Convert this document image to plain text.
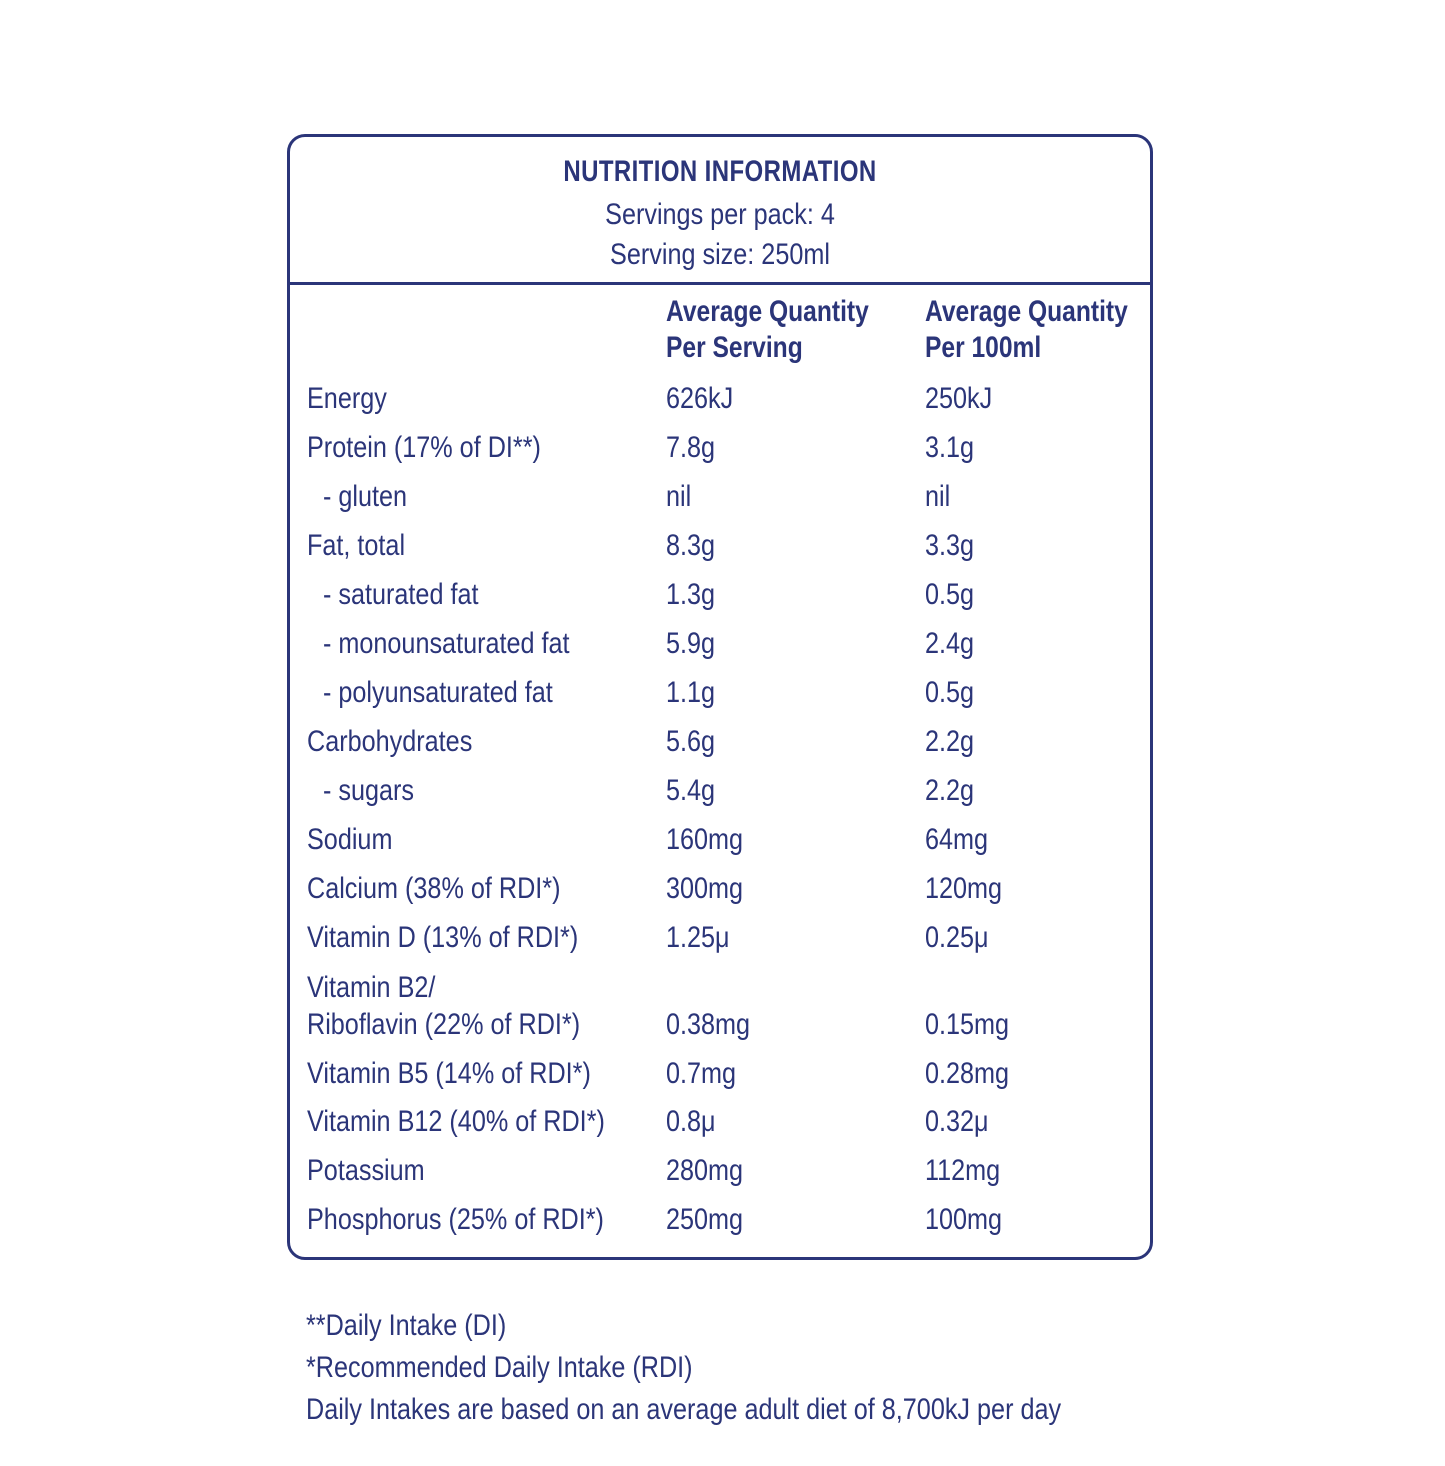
NUTRITION INFORMATION
Servings per pack: 4
Serving size: 250ml
Average Quantity
Per Serving
Average Quantity
Per 100ml
Energy	626kJ	250kJ
Protein (17% of DI**)	7.8g	3.1g
- gluten	nil	nil
Fat, total	8.3g	3.3g
- saturated fat	1.3g	0.5g
- monounsaturated fat	5.9g	2.4g
- polyunsaturated fat	1.1g	0.5g
Carbohydrates	5.6g	2.2g
- sugars	5.4g	2.2g
Sodium	160mg	64mg
Calcium (38% of RDI*)	300mg	120mg
Vitamin D (13% of RDI*)	1.25μ	0.25μ
Vitamin B2/
Riboflavin (22% of RDI*)	0.38mg	0.15mg
Vitamin B5 (14% of RDI*)	0.7mg	0.28mg
Vitamin B12 (40% of RDI*) 0.8μ	0.32μ
Potassium	280mg	112mg
Phosphorus (25% of RDI*) 250mg	100mg
**Daily Intake (DI)
*Recommended Daily Intake (RDI)
Daily Intakes are based on an average adult diet of 8,700kJ per day
